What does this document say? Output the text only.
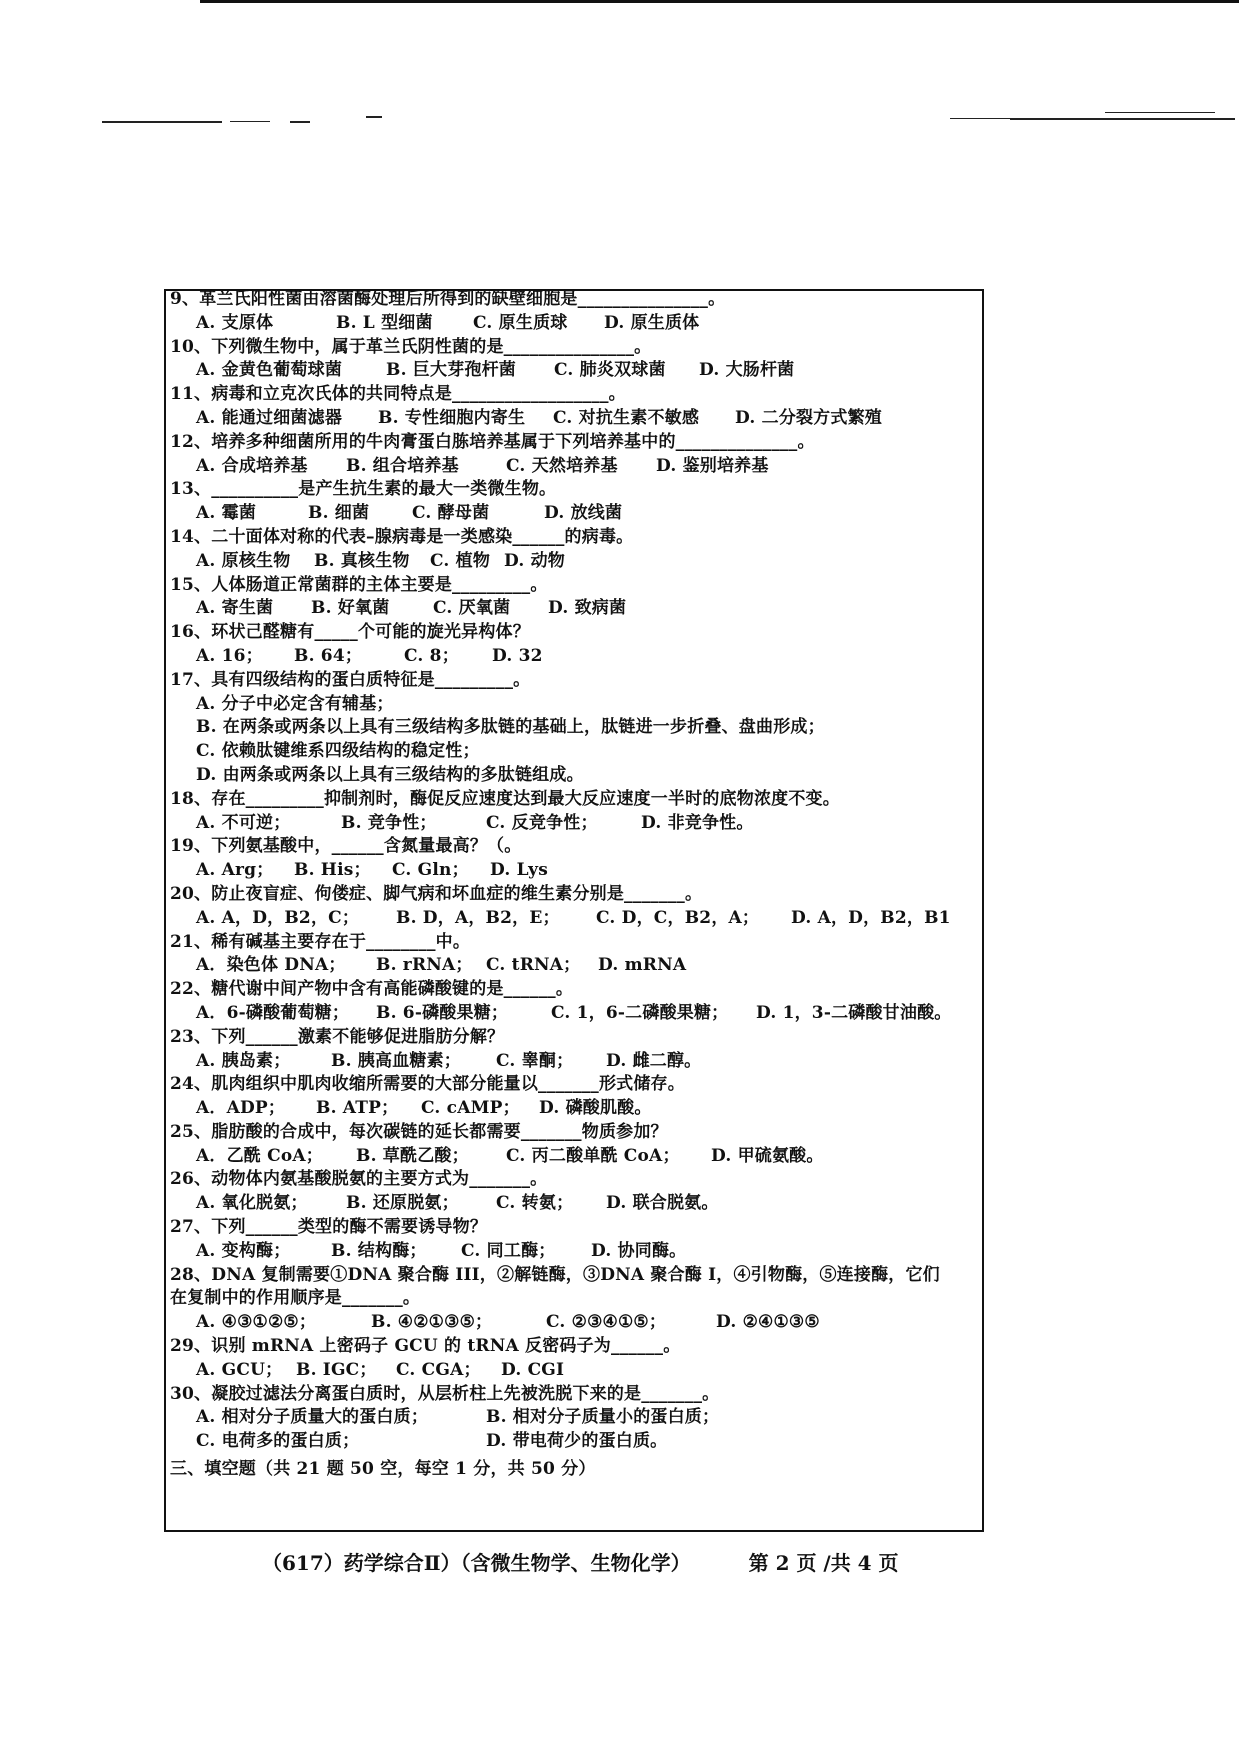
9、革兰氏阳性菌由溶菌酶处理后所得到的缺壁细胞是_______________。
A. 支原体	B. L 型细菌 C. 原生质球 D. 原生质体
10、下列微生物中，属于革兰氏阴性菌的是_______________。
A. 金黄色葡萄球菌	B. 巨大芽孢杆菌 C. 肺炎双球菌 D. 大肠杆菌
11、病毒和立克次氏体的共同特点是__________________。
A. 能通过细菌滤器 B. 专性细胞内寄生 C. 对抗生素不敏感 D. 二分裂方式繁殖
12、培养多种细菌所用的牛肉膏蛋白胨培养基属于下列培养基中的______________。
A. 合成培养基 B. 组合培养基	C. 天然培养基 D. 鉴别培养基
13、__________是产生抗生素的最大一类微生物。
A. 霉菌	B. 细菌	C. 酵母菌	D. 放线菌
14、二十面体对称的代表–腺病毒是一类感染______的病毒。
A. 原核生物 B. 真核生物 C. 植物 D. 动物
15、人体肠道正常菌群的主体主要是_________。
A. 寄生菌 B. 好氧菌	C. 厌氧菌 D. 致病菌
16、环状己醛糖有_____个可能的旋光异构体？
A. 16； B. 64； C. 8； D. 32
17、具有四级结构的蛋白质特征是_________。
A. 分子中必定含有辅基；
B. 在两条或两条以上具有三级结构多肽链的基础上，肽链进一步折叠、盘曲形成；
C. 依赖肽键维系四级结构的稳定性；
D. 由两条或两条以上具有三级结构的多肽链组成。
18、存在_________抑制剂时，酶促反应速度达到最大反应速度一半时的底物浓度不变。
A. 不可逆；	B. 竞争性；	C. 反竞争性；	D. 非竞争性。
19、下列氨基酸中，______含氮量最高？（。
A. Arg； B. His； C. Gln； D. Lys
20、防止夜盲症、佝偻症、脚气病和坏血症的维生素分别是_______。
A. A，D，B2，C； B. D，A，B2，E； C. D，C，B2，A； D. A，D，B2，B1
21、稀有碱基主要存在于________中。
A．染色体 DNA； B. rRNA； C. tRNA； D. mRNA
22、糖代谢中间产物中含有高能磷酸键的是______。
A．6-磷酸葡萄糖； B. 6-磷酸果糖；	C. 1，6-二磷酸果糖； D. 1，3-二磷酸甘油酸。
23、下列______激素不能够促进脂肪分解？
A. 胰岛素； B. 胰高血糖素； C. 睾酮； D. 雌二醇。
24、肌肉组织中肌肉收缩所需要的大部分能量以_______形式储存。
A．ADP； B. ATP； C. cAMP； D. 磷酸肌酸。
25、脂肪酸的合成中，每次碳链的延长都需要_______物质参加？
A．乙酰 CoA； B. 草酰乙酸； C. 丙二酸单酰 CoA； D. 甲硫氨酸。
26、动物体内氨基酸脱氨的主要方式为_______。
A. 氧化脱氨； B. 还原脱氨； C. 转氨； D. 联合脱氨。
27、下列______类型的酶不需要诱导物？
A. 变构酶； B. 结构酶； C. 同工酶； D. 协同酶。
28、DNA 复制需要①DNA 聚合酶 III，②解链酶，③DNA 聚合酶 I，④引物酶，⑤连接酶，它们
在复制中的作用顺序是_______。
A. ④③①②⑤；	B. ④②①③⑤；	C. ②③④①⑤；	D. ②④①③⑤
29、识别 mRNA 上密码子 GCU 的 tRNA 反密码子为______。
A. GCU； B. IGC； C. CGA； D. CGI
30、凝胶过滤法分离蛋白质时，从层析柱上先被洗脱下来的是_______。
A. 相对分子质量大的蛋白质；	B. 相对分子质量小的蛋白质；
C. 电荷多的蛋白质；	D. 带电荷少的蛋白质。
三、填空题（共 21 题 50 空，每空 1 分，共 50 分）
（617）药学综合Ⅱ）（含微生物学、生物化学）	第 2 页 /共 4 页
